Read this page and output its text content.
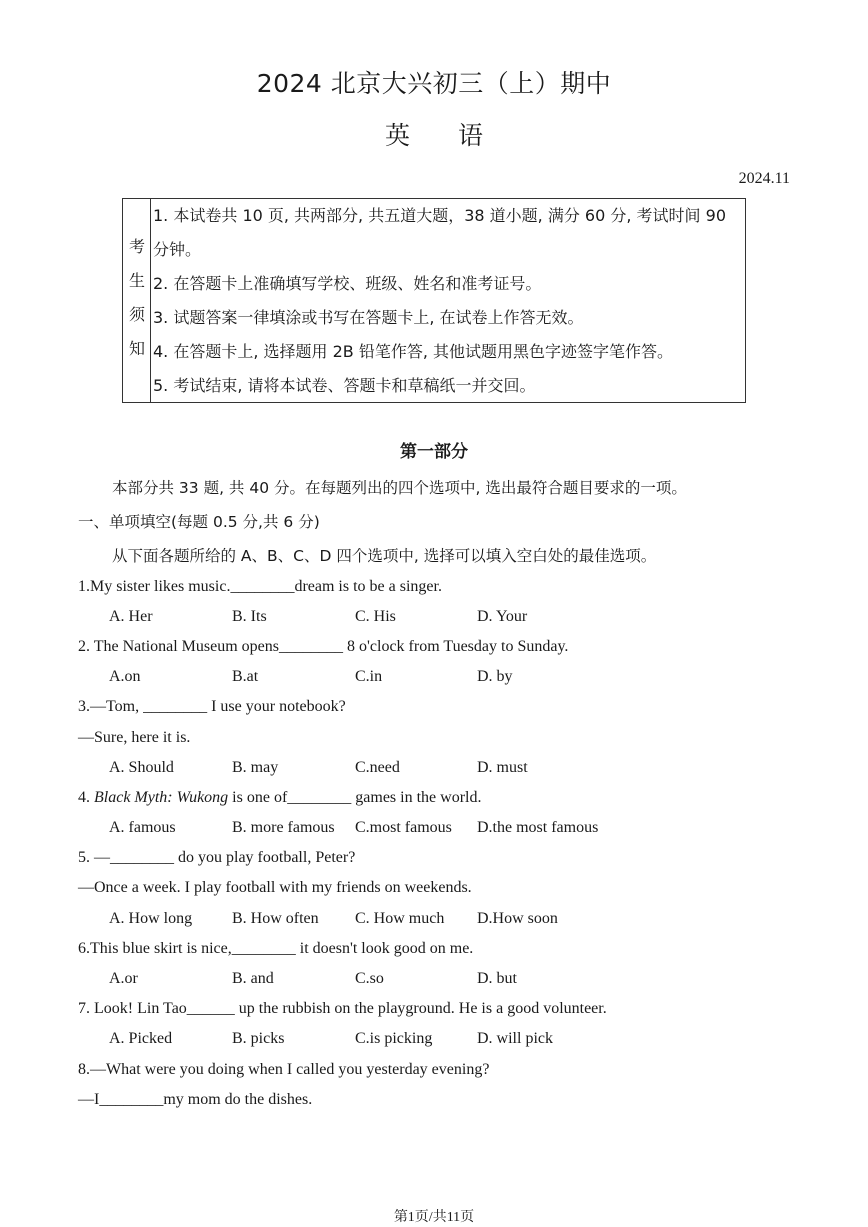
2024 北京大兴初三（上）期中
英 语
2024.11
考
生
须
知
1. 本试卷共 10 页, 共两部分, 共五道大题，38 道小题, 满分 60 分, 考试时间 90
分钟。
2. 在答题卡上准确填写学校、班级、姓名和准考证号。
3. 试题答案一律填涂或书写在答题卡上, 在试卷上作答无效。
4. 在答题卡上, 选择题用 2B 铅笔作答, 其他试题用黑色字迹签字笔作答。
5. 考试结束, 请将本试卷、答题卡和草稿纸一并交回。
第一部分
本部分共 33 题, 共 40 分。在每题列出的四个选项中, 选出最符合题目要求的一项。
一、单项填空(每题 0.5 分,共 6 分)
从下面各题所给的 A、B、C、D 四个选项中, 选择可以填入空白处的最佳选项。
1.My sister likes music.________dream is to be a singer.
A. Her	B. Its	C. His	D. Your
2. The National Museum opens________ 8 o'clock from Tuesday to Sunday.
A.on	B.at	C.in	D. by
3.—Tom, ________ I use your notebook?
—Sure, here it is.
A. Should	B. may	C.need	D. must
4. Black Myth: Wukong is one of________ games in the world.
A. famous	B. more famous C.most famous D.the most famous
5. —________ do you play football, Peter?
—Once a week. I play football with my friends on weekends.
A. How long B. How often C. How much D.How soon
6.This blue skirt is nice,________ it doesn't look good on me.
A.or	B. and	C.so	D. but
7. Look! Lin Tao______ up the rubbish on the playground. He is a good volunteer.
A. Picked	B. picks	C.is picking	D. will pick
8.—What were you doing when I called you yesterday evening?
—I________my mom do the dishes.
第1页/共11页
